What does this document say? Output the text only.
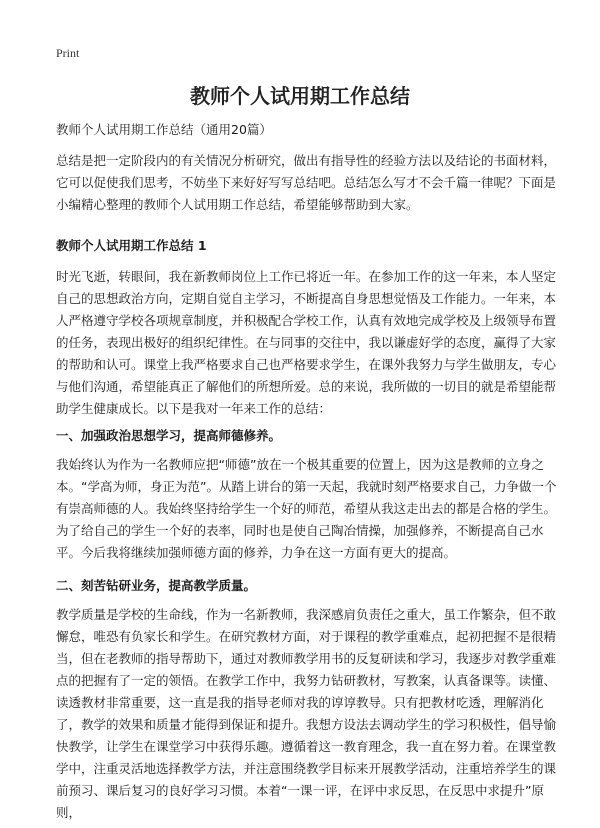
Print
教师个人试用期工作总结

教师个人试用期工作总结（通用20篇）

总结是把一定阶段内的有关情况分析研究，做出有指导性的经验方法以及结论的书面材料，它可以促使我们思考，不妨坐下来好好写写总结吧。总结怎么写才不会千篇一律呢？下面是小编精心整理的教师个人试用期工作总结，希望能够帮助到大家。

教师个人试用期工作总结 1

时光飞逝，转眼间，我在新教师岗位上工作已将近一年。在参加工作的这一年来，本人坚定自己的思想政治方向，定期自觉自主学习，不断提高自身思想觉悟及工作能力。一年来，本人严格遵守学校各项规章制度，并积极配合学校工作，认真有效地完成学校及上级领导布置的任务，表现出极好的组织纪律性。在与同事的交往中，我以谦虚好学的态度，赢得了大家的帮助和认可。课堂上我严格要求自己也严格要求学生，在课外我努力与学生做朋友，专心与他们沟通，希望能真正了解他们的所想所爱。总的来说，我所做的一切目的就是希望能帮助学生健康成长。以下是我对一年来工作的总结：

一、加强政治思想学习，提高师德修养。

我始终认为作为一名教师应把“师德”放在一个极其重要的位置上，因为这是教师的立身之本。“学高为师，身正为范”。从踏上讲台的第一天起，我就时刻严格要求自己，力争做一个有崇高师德的人。我始终坚持给学生一个好的师范，希望从我这走出去的都是合格的学生。为了给自己的学生一个好的表率，同时也是使自己陶冶情操，加强修养，不断提高自己水平。今后我将继续加强师德方面的修养，力争在这一方面有更大的提高。

二、刻苦钻研业务，提高教学质量。

教学质量是学校的生命线，作为一名新教师，我深感肩负责任之重大，虽工作繁杂，但不敢懈怠，唯恐有负家长和学生。在研究教材方面，对于课程的教学重难点，起初把握不是很精当，但在老教师的指导帮助下，通过对教师教学用书的反复研读和学习，我逐步对教学重难点的把握有了一定的领悟。在教学工作中，我努力钻研教材，写教案，认真备课等。读懂、读透教材非常重要，这一直是我的指导老师对我的谆谆教导。只有把教材吃透，理解消化了，教学的效果和质量才能得到保证和提升。我想方设法去调动学生的学习积极性，倡导愉快教学，让学生在课堂学习中获得乐趣。遵循着这一教育理念，我一直在努力着。在课堂教学中，注重灵活地选择教学方法，并注意围绕教学目标来开展教学活动，注重培养学生的课前预习、课后复习的良好学习习惯。本着“一课一评，在评中求反思，在反思中求提升”原则，
